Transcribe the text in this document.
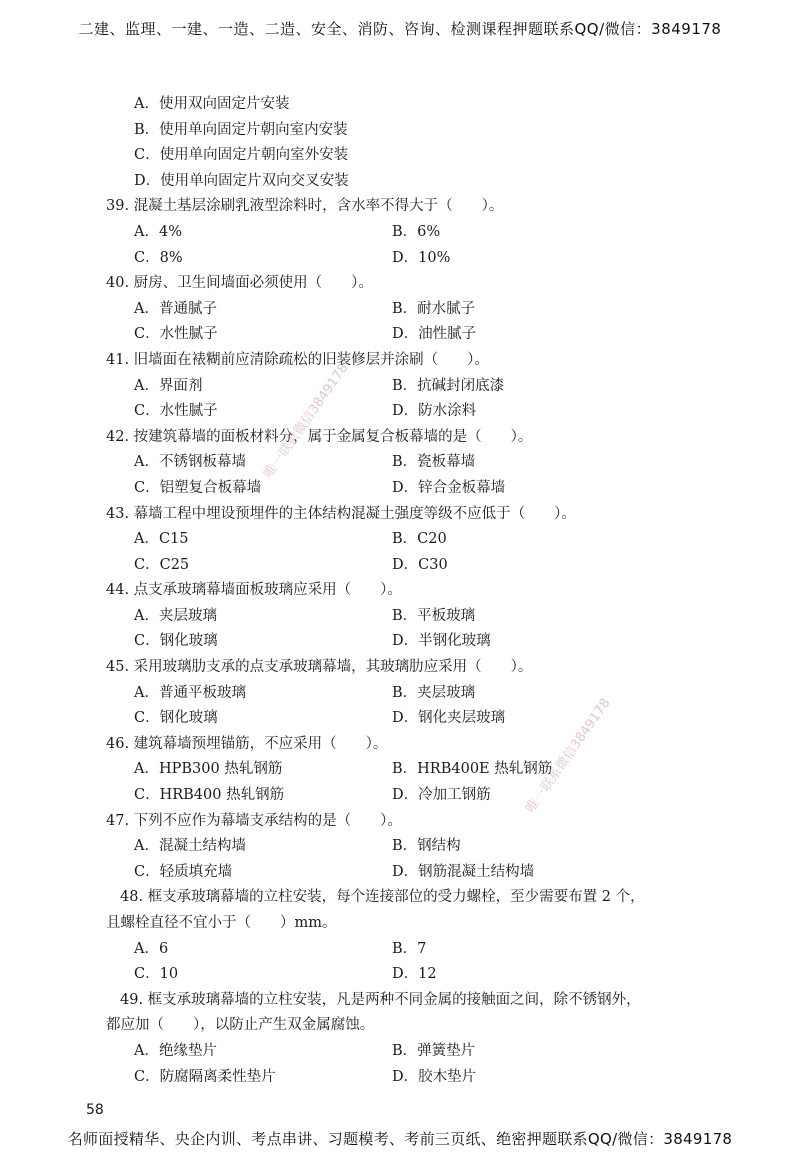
二建、监理、一建、一造、二造、安全、消防、咨询、检测课程押题联系QQ/微信：3849178
A．使用双向固定片安装
B．使用单向固定片朝向室内安装
C．使用单向固定片朝向室外安装
D．使用单向固定片双向交叉安装
39. 混凝土基层涂刷乳液型涂料时，含水率不得大于（　　）。
A．4%	B．6%
C．8%	D．10%
40. 厨房、卫生间墙面必须使用（　　）。
A．普通腻子	B．耐水腻子
C．水性腻子	D．油性腻子
41. 旧墙面在裱糊前应清除疏松的旧装修层并涂刷（　　）。
A．界面剂	B．抗碱封闭底漆
C．水性腻子	D．防水涂料
42. 按建筑幕墙的面板材料分，属于金属复合板幕墙的是（　　）。
A．不锈钢板幕墙	B．瓷板幕墙
C．铝塑复合板幕墙	D．锌合金板幕墙
43. 幕墙工程中埋设预埋件的主体结构混凝土强度等级不应低于（　　）。
A．C15	B．C20
C．C25	D．C30
44. 点支承玻璃幕墙面板玻璃应采用（　　）。
A．夹层玻璃	B．平板玻璃
C．钢化玻璃	D．半钢化玻璃
45. 采用玻璃肋支承的点支承玻璃幕墙，其玻璃肋应采用（　　）。
A．普通平板玻璃	B．夹层玻璃
C．钢化玻璃	D．钢化夹层玻璃
46. 建筑幕墙预埋锚筋，不应采用（　　）。
A．HPB300 热轧钢筋	B．HRB400E 热轧钢筋
C．HRB400 热轧钢筋	D．冷加工钢筋
47. 下列不应作为幕墙支承结构的是（　　）。
A．混凝土结构墙	B．钢结构
C．轻质填充墙	D．钢筋混凝土结构墙
48. 框支承玻璃幕墙的立柱安装，每个连接部位的受力螺栓，至少需要布置 2 个，
且螺栓直径不宜小于（　　）mm。
A．6	B．7
C．10	D．12
49. 框支承玻璃幕墙的立柱安装，凡是两种不同金属的接触面之间，除不锈钢外，
都应加（　　），以防止产生双金属腐蚀。
A．绝缘垫片	B．弹簧垫片
C．防腐隔离柔性垫片	D．胶木垫片
唯一联系微信3849178
唯一联系微信3849178
58
名师面授精华、央企内训、考点串讲、习题模考、考前三页纸、绝密押题联系QQ/微信：3849178
